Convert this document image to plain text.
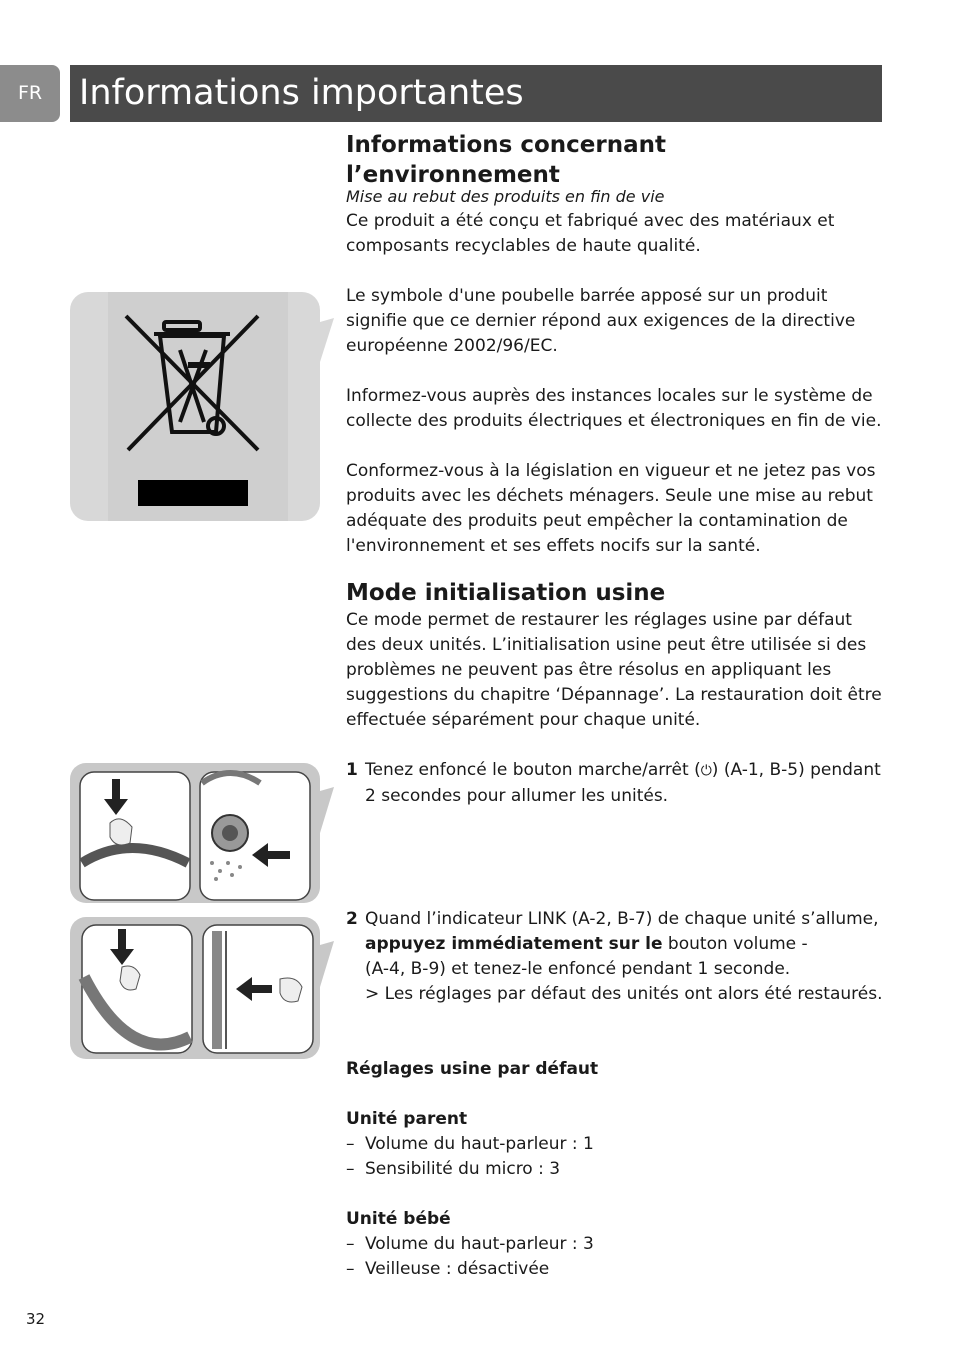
FR	Informations importantes
Informations concernant l’environnement

Mise au rebut des produits en fin de vie

Ce produit a été conçu et fabriqué avec des matériaux et composants recyclables de haute qualité.

Le symbole d'une poubelle barrée apposé sur un produit signifie que ce dernier répond aux exigences de la directive européenne 2002/96/EC.

Informez-vous auprès des instances locales sur le système de collecte des produits électriques et électroniques en fin de vie.

Conformez-vous à la législation en vigueur et ne jetez pas vos produits avec les déchets ménagers. Seule une mise au rebut adéquate des produits peut empêcher la contamination de l'environnement et ses effets nocifs sur la santé.

Mode initialisation usine

Ce mode permet de restaurer les réglages usine par défaut des deux unités. L’initialisation usine peut être utilisée si des problèmes ne peuvent pas être résolus en appliquant les suggestions du chapitre ‘Dépannage’. La restauration doit être effectuée séparément pour chaque unité.

1 Tenez enfoncé le bouton marche/arrêt (⏻) (A-1, B-5) pendant 2 secondes pour allumer les unités.

2 Quand l’indicateur LINK (A-2, B-7) de chaque unité s’allume,
appuyez immédiatement sur le bouton volume -
(A-4, B-9) et tenez-le enfoncé pendant 1 seconde.
> Les réglages par défaut des unités ont alors été restaurés.

Réglages usine par défaut

Unité parent

– Volume du haut-parleur : 1

– Sensibilité du micro : 3

Unité bébé

– Volume du haut-parleur : 3

– Veilleuse : désactivée

32
